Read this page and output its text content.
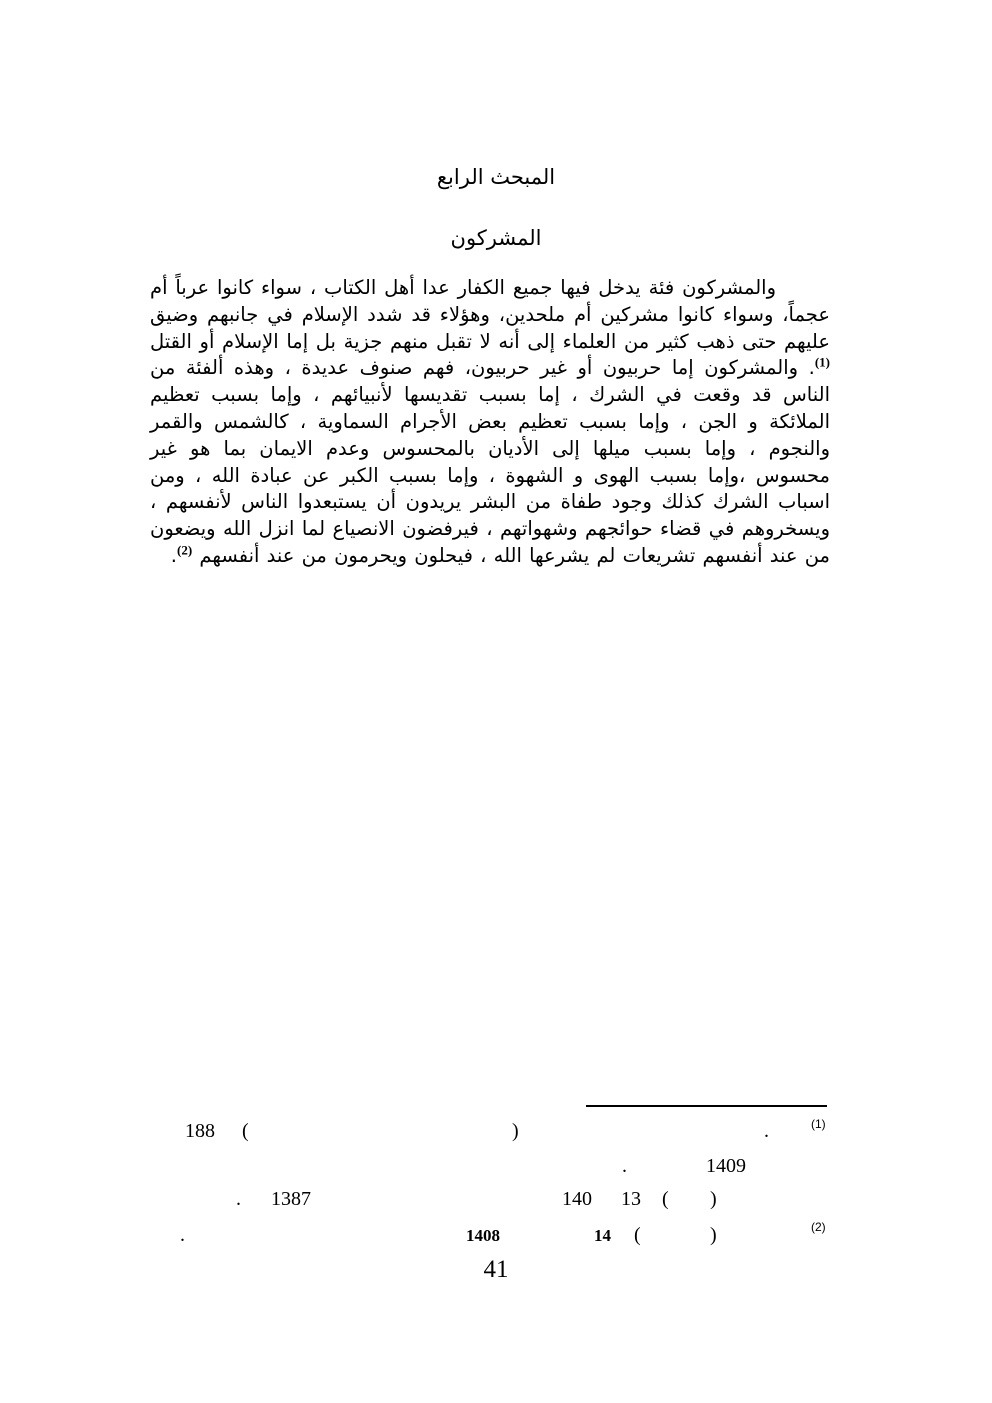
المبحث الرابع
المشركون

والمشركون فئة يدخل فيها جميع الكفار عدا أهل الكتاب ، سواء كانوا عرباً أم عجماً، وسواء كانوا مشركين أم ملحدين، وهؤلاء قد شدد الإسلام في جانبهم وضيق عليهم حتى ذهب كثير من العلماء إلى أنه لا تقبل منهم جزية بل إما الإسلام أو القتل $^{(1)}$. والمشركون إما حربيون أو غير حربيون، فهم صنوف عديدة ، وهذه ألفئة من الناس قد وقعت في الشرك ، إما بسبب تقديسها لأنبيائهم ، وإما بسبب تعظيم الملائكة و الجن ، وإما بسبب تعظيم بعض الأجرام السماوية ، كالشمس والقمر والنجوم ، وإما بسبب ميلها إلى الأديان بالمحسوس وعدم الايمان بما هو غير محسوس ،وإما بسبب الهوى و الشهوة ، وإما بسبب الكبر عن عبادة الله ، ومن اسباب الشرك كذلك وجود طفاة من البشر يريدون أن يستبعدوا الناس لأنفسهم ، ويسخروهم في قضاء حوائجهم وشهواتهم ، فيرفضون الانصياع لما انزل الله ويضعون من عند أنفسهم تشريعات لم يشرعها الله ، فيحلون ويحرمون من عند أنفسهم $^{(2)}$.

(1)
.
)
(
188
1409
.
)
(
13
140
1387
.
(2)
)
(
14
1408
.
41
